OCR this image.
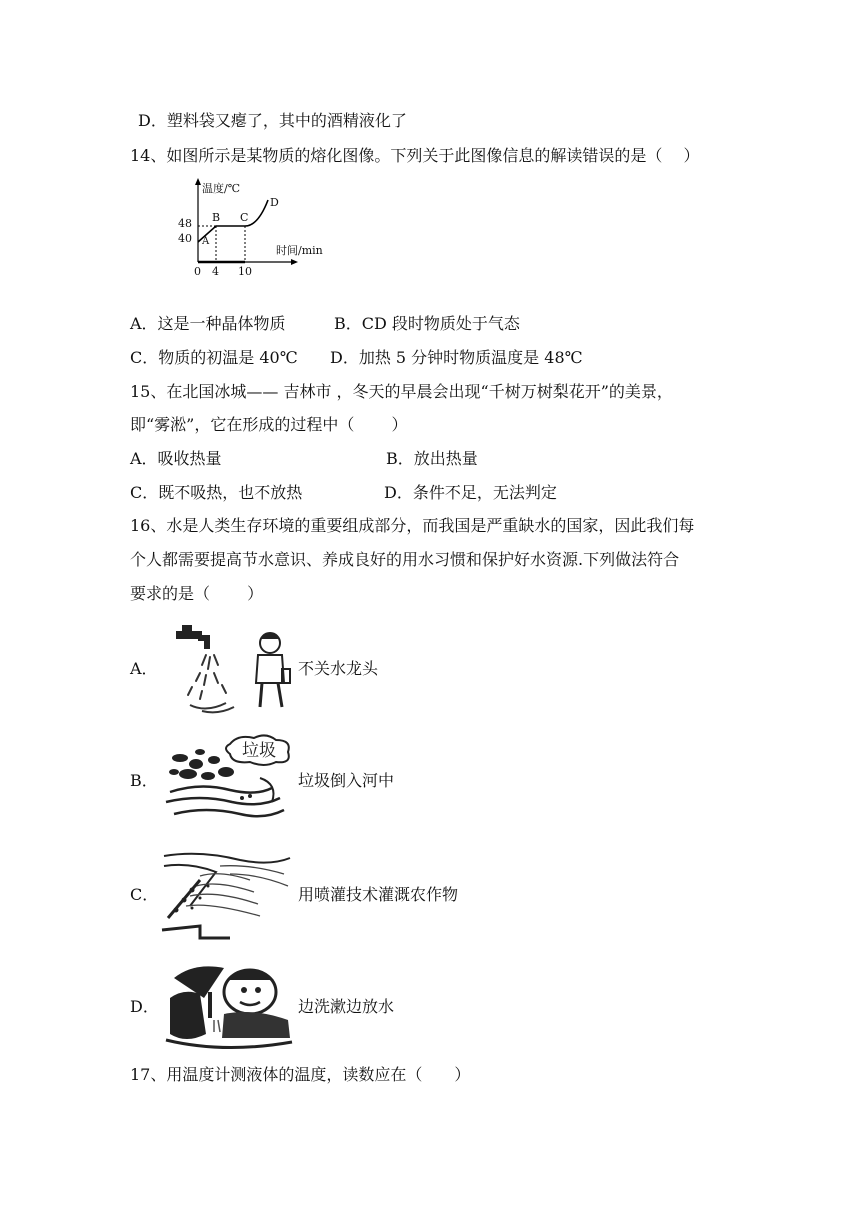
D．塑料袋又瘪了，其中的酒精液化了
14、如图所示是某物质的熔化图像。下列关于此图像信息的解读错误的是（　 ）
温度/℃
时间/min
48
40
0 4 10
A
B C
D
A．这是一种晶体物质	B．CD 段时物质处于气态
C．物质的初温是 40℃ D．加热 5 分钟时物质温度是 48℃
15、在北国冰城—— 吉林市 ，冬天的早晨会出现“千树万树梨花开”的美景，
即“雾淞”，它在形成的过程中（　　 ）
A．吸收热量	B．放出热量
C．既不吸热，也不放热	D．条件不足，无法判定
16、水是人类生存环境的重要组成部分，而我国是严重缺水的国家，因此我们每
个人都需要提高节水意识、养成良好的用水习惯和保护好水资源.下列做法符合
要求的是（　　 ）
A．	不关水龙头
B．
垃圾
垃圾倒入河中
C．	用喷灌技术灌溉农作物
D．	边洗漱边放水
17、用温度计测液体的温度，读数应在（　　）
